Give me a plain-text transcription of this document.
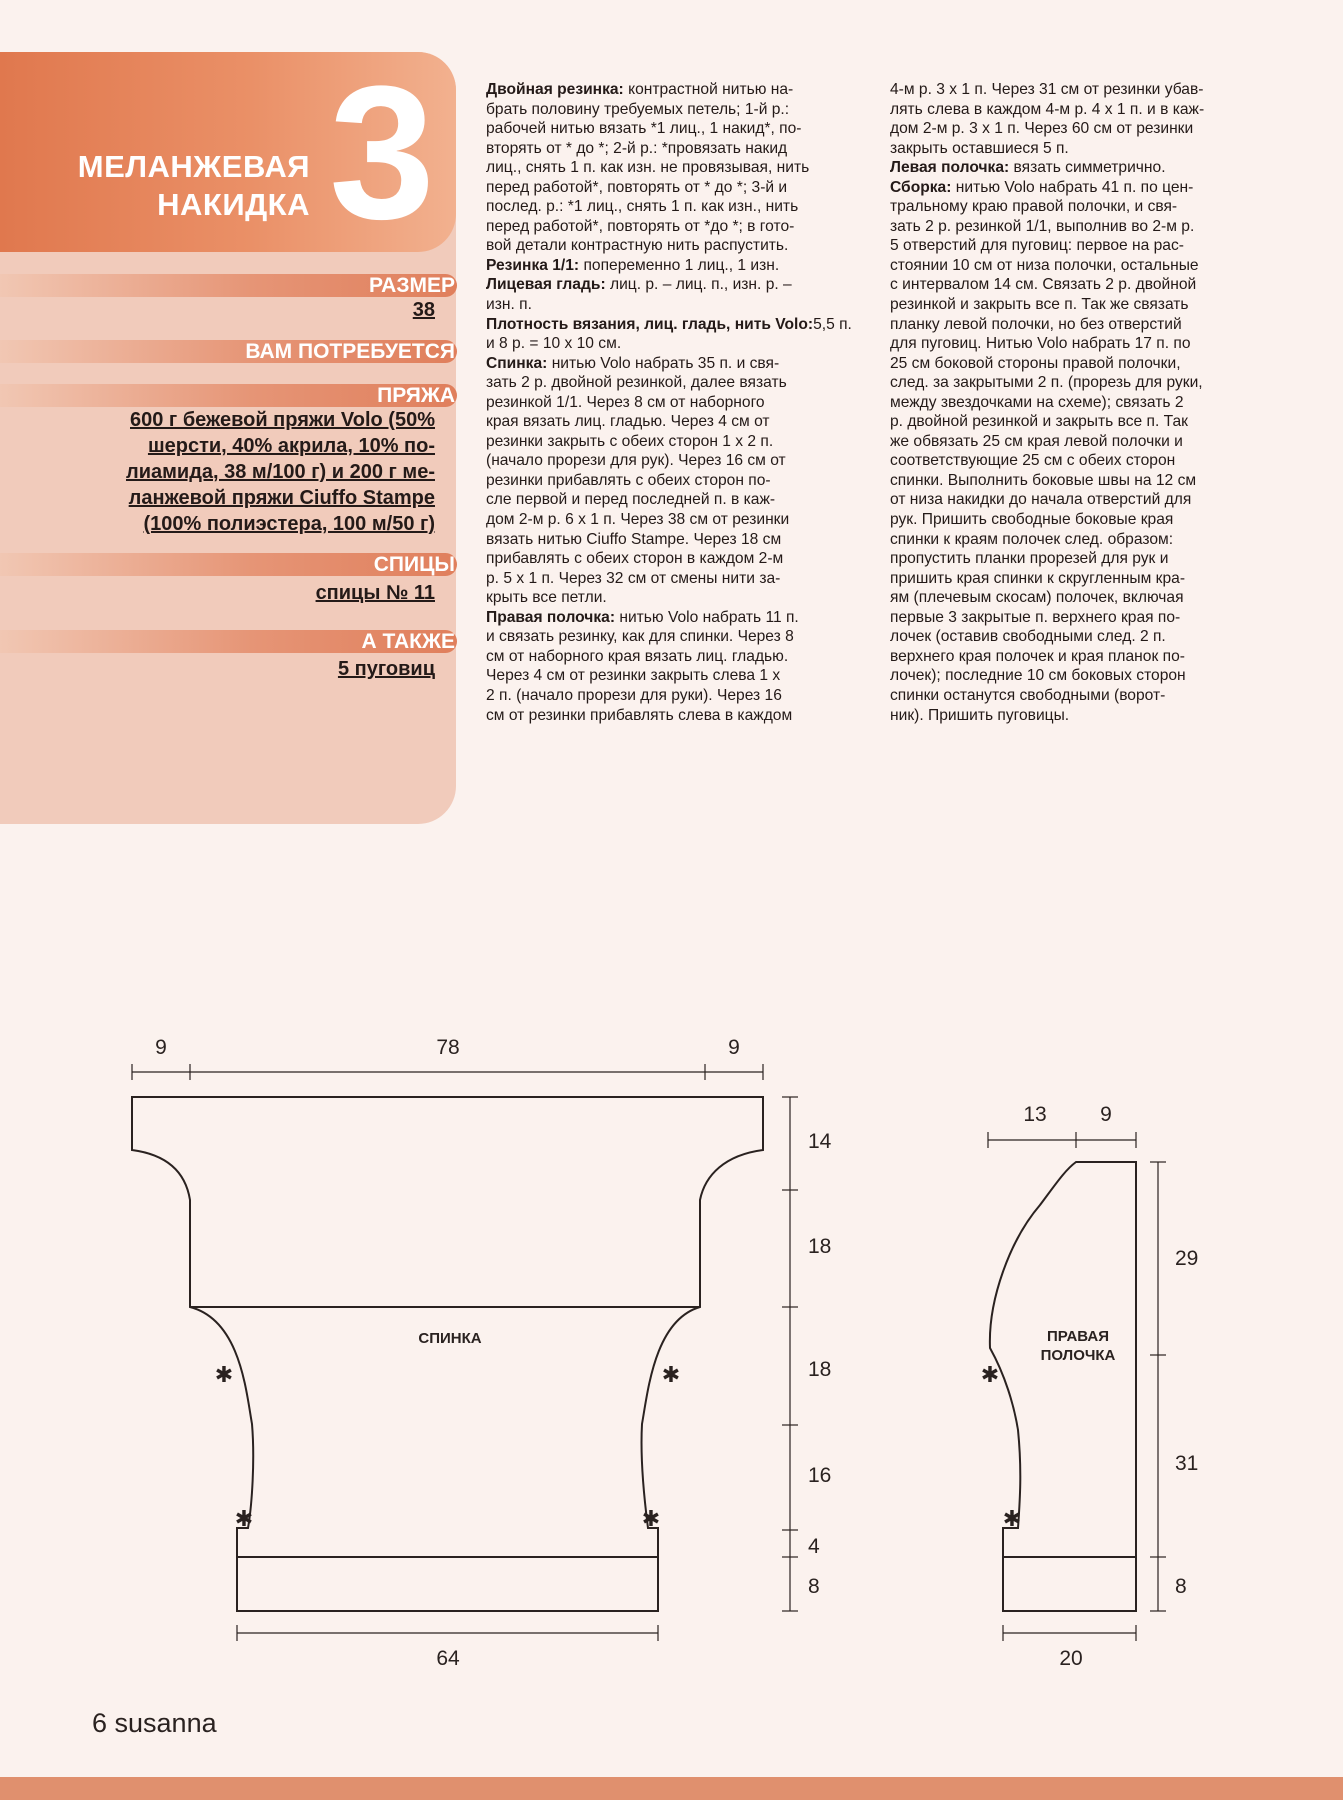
МЕЛАНЖЕВАЯ
НАКИДКА 3
РАЗМЕР
38
ВАМ ПОТРЕБУЕТСЯ
ПРЯЖА
600 г бежевой пряжи Volo (50%
шерсти, 40% акрила, 10% по-
лиамида, 38 м/100 г) и 200 г ме-
ланжевой пряжи Ciuffo Stampe
(100% полиэстера, 100 м/50 г)
СПИЦЫ
спицы № 11
А ТАКЖЕ
5 пуговиц

Двойная резинка: контрастной нитью на-
брать половину требуемых петель; 1-й р.:
рабочей нитью вязать *1 лиц., 1 накид*, по-
вторять от * до *; 2-й р.: *провязать накид
лиц., снять 1 п. как изн. не провязывая, нить
перед работой*, повторять от * до *; 3-й и
послед. р.: *1 лиц., снять 1 п. как изн., нить
перед работой*, повторять от *до *; в гото-
вой детали контрастную нить распустить.

Резинка 1/1: попеременно 1 лиц., 1 изн.

Лицевая гладь: лиц. р. – лиц. п., изн. р. –
изн. п.

Плотность вязания, лиц. гладь, нить Volo:5,5 п. и 8 р. = 10 х 10 см.

Спинка: нитью Volo набрать 35 п. и свя-
зать 2 р. двойной резинкой, далее вязать
резинкой 1/1. Через 8 см от наборного
края вязать лиц. гладью. Через 4 см от
резинки закрыть с обеих сторон 1 х 2 п.
(начало прорези для рук). Через 16 см от
резинки прибавлять с обеих сторон по-
сле первой и перед последней п. в каж-
дом 2-м р. 6 х 1 п. Через 38 см от резинки
вязать нитью Ciuffo Stampe. Через 18 см
прибавлять с обеих сторон в каждом 2-м
р. 5 х 1 п. Через 32 см от смены нити за-
крыть все петли.

Правая полочка: нитью Volo набрать 11 п.
и связать резинку, как для спинки. Через 8
см от наборного края вязать лиц. гладью.
Через 4 см от резинки закрыть слева 1 х
2 п. (начало прорези для руки). Через 16
см от резинки прибавлять слева в каждом

4-м р. 3 х 1 п. Через 31 см от резинки убав-
лять слева в каждом 4-м р. 4 х 1 п. и в каж-
дом 2-м р. 3 х 1 п. Через 60 см от резинки
закрыть оставшиеся 5 п.

Левая полочка: вязать симметрично.

Сборка: нитью Volo набрать 41 п. по цен-
тральному краю правой полочки, и свя-
зать 2 р. резинкой 1/1, выполнив во 2-м р.
5 отверстий для пуговиц: первое на рас-
стоянии 10 см от низа полочки, остальные
с интервалом 14 см. Связать 2 р. двойной
резинкой и закрыть все п. Так же связать
планку левой полочки, но без отверстий
для пуговиц. Нитью Volo набрать 17 п. по
25 см боковой стороны правой полочки,
след. за закрытыми 2 п. (прорезь для руки,
между звездочками на схеме); связать 2
р. двойной резинкой и закрыть все п. Так
же обвязать 25 см края левой полочки и
соответствующие 25 см с обеих сторон
спинки. Выполнить боковые швы на 12 см
от низа накидки до начала отверстий для
рук. Пришить свободные боковые края
спинки к краям полочек след. образом:
пропустить планки прорезей для рук и
пришить края спинки к скругленным кра-
ям (плечевым скосам) полочек, включая
первые 3 закрытые п. верхнего края по-
лочек (оставив свободными след. 2 п.
верхнего края полочек и края планок по-
лочек); последние 10 см боковых сторон
спинки останутся свободными (ворот-
ник). Пришить пуговицы.

9	78	9
14
18
18
16
4
8
64
13	9
29
31
8
20
СПИНКА	ПРАВАЯ
ПОЛОЧКА
✱	✱
✱	✱
✱
✱
6 susanna
